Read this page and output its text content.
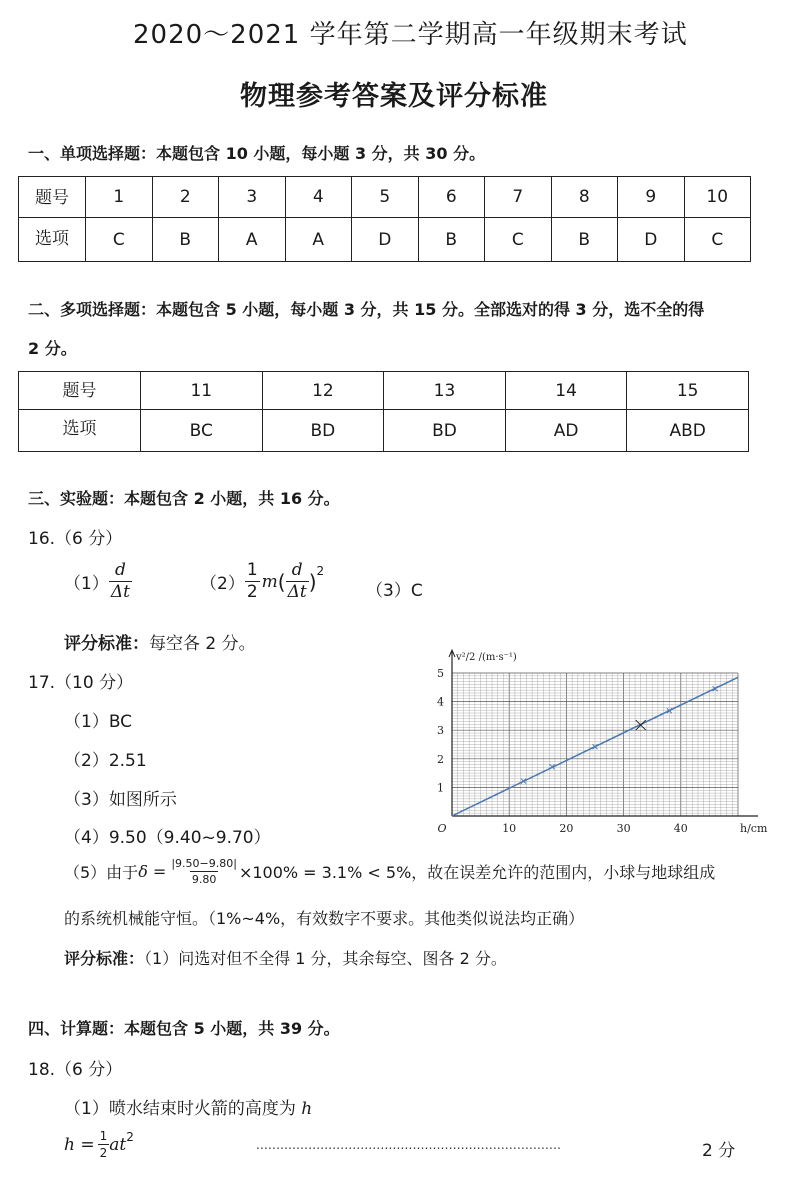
2020～2021 学年第二学期高一年级期末考试
物理参考答案及评分标准
一、单项选择题：本题包含 10 小题，每小题 3 分，共 30 分。
题号	1	2	3	4	5	6	7	8	9	10
选项	C	B	A	A	D	B	C	B	D	C
二、多项选择题：本题包含 5 小题，每小题 3 分，共 15 分。全部选对的得 3 分，选不全的得
2 分。
题号	11	12	13	14	15
选项	BC	BD	BD	AD	ABD
三、实验题：本题包含 2 小题，共 16 分。
16.（6 分）
$(1) \frac{d}{\Delta t}$	$(2) \frac{1}{2}$ m ( $\frac{d}{\Delta t} )^2$
（3）C
评分标准：每空各 2 分。
17.（10 分）
（1）BC
（2）2.51
（3）如图所示
（4）9.50（9.40~9.70）
（5）由于 $\delta = \frac{|9.50-9.80|}{9.80} \times 100\% = 3.1\% < 5\%$，故在误差允许的范围内，小球与地球组成
的系统机械能守恒。（1%~4%，有效数字不要求。其他类似说法均正确）
评分标准：（1）问选对但不全得 1 分，其余每空、图各 2 分。
10	20	30	40
1
2
3
4
5
O	h/cm
v²/2 /(m·s⁻¹)
四、计算题：本题包含 5 小题，共 39 分。
18.（6 分）
（1）喷水结束时火箭的高度为 h
$h = \frac{1}{2} at^2$
............................................................................	2 分
